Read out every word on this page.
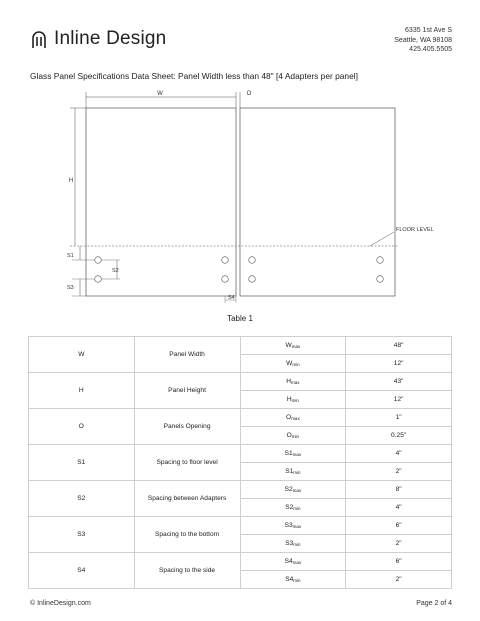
Inline Design	6335 1st Ave S
Seattle, WA 98108
425.405.5505
Glass Panel Specifications Data Sheet: Panel Width less than 48" [4 Adapters per panel]
W	O
H
FLOOR LEVEL
S1
S2
S3
S4
Table 1
W	Panel Width	$W_{max}$	48"
		$W_{min}$	12"
H	Panel Height	$H_{max}$	43"
		$H_{min}$	12"
O	Panels Opening	$O_{max}$	1"
		$O_{min}$	0.25"
S1	Spacing to floor level	$S1_{max}$	4"
		$S1_{min}$	2"
S2	Spacing between Adapters	$S2_{max}$	8"
		$S2_{min}$	4"
S3	Spacing to the bottom	$S3_{max}$	6"
		$S3_{min}$	2"
S4	Spacing to the side	$S4_{max}$	6"
		$S4_{min}$	2"
© InlineDesign.com	Page 2 of 4
